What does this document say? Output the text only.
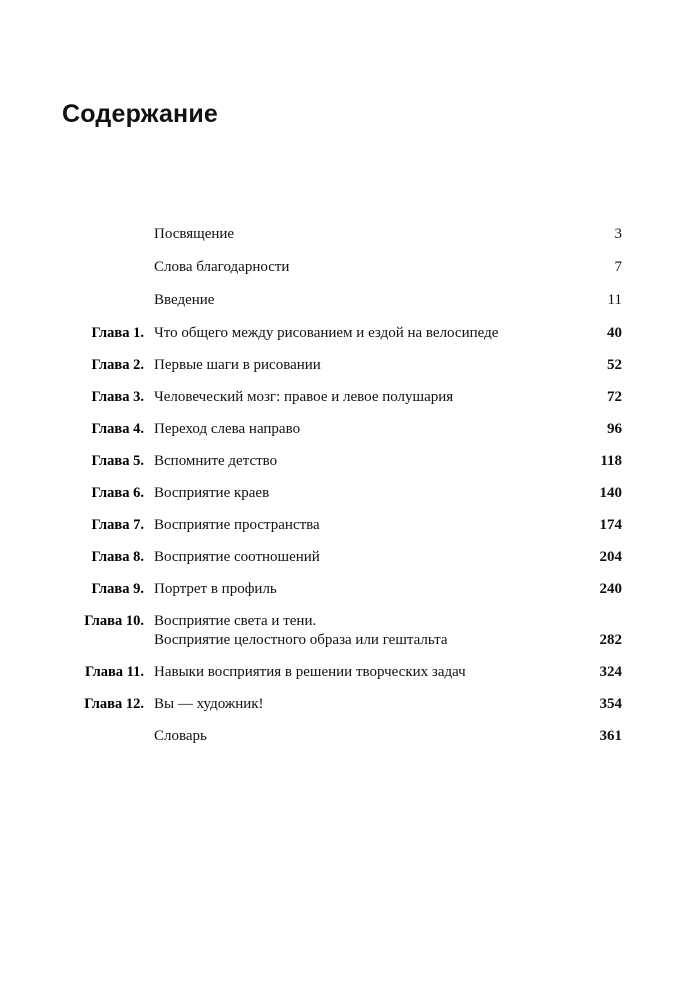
Содержание
Посвящение	3
Слова благодарности	7
Введение	11
Глава 1. Что общего между рисованием и ездой на велосипеде	40
Глава 2. Первые шаги в рисовании	52
Глава 3. Человеческий мозг: правое и левое полушария	72
Глава 4. Переход слева направо	96
Глава 5. Вспомните детство	118
Глава 6. Восприятие краев	140
Глава 7. Восприятие пространства	174
Глава 8. Восприятие соотношений	204
Глава 9. Портрет в профиль	240
Глава 10. Восприятие света и тени.
Восприятие целостного образа или гештальта	282
Глава 11. Навыки восприятия в решении творческих задач	324
Глава 12. Вы — художник!	354
Словарь	361
